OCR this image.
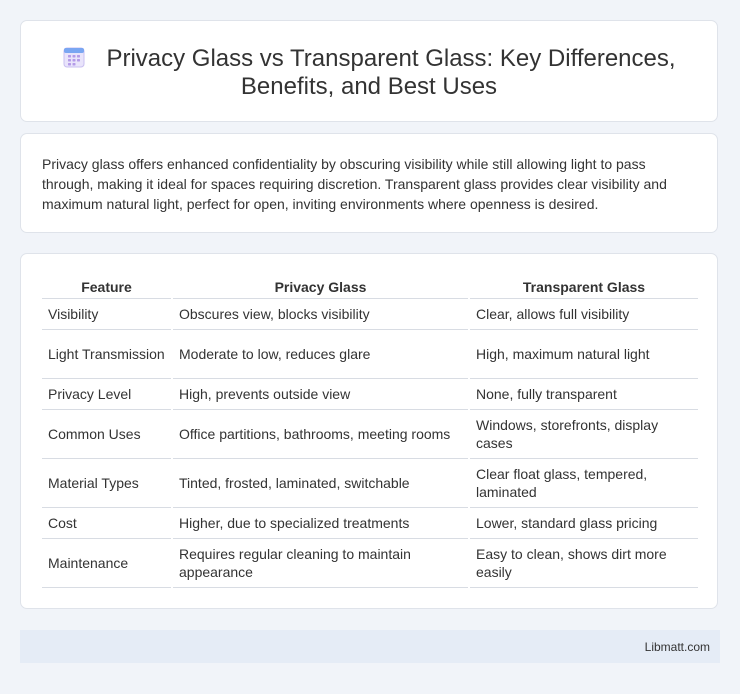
Privacy Glass vs Transparent Glass: Key Differences, Benefits, and Best Uses

Privacy glass offers enhanced confidentiality by obscuring visibility while still allowing light to pass through, making it ideal for spaces requiring discretion. Transparent glass provides clear visibility and maximum natural light, perfect for open, inviting environments where openness is desired.

Feature	Privacy Glass	Transparent Glass
Visibility	Obscures view, blocks visibility	Clear, allows full visibility
Light Transmission	Moderate to low, reduces glare	High, maximum natural light
Privacy Level	High, prevents outside view	None, fully transparent
Common Uses	Office partitions, bathrooms, meeting rooms	Windows, storefronts, display cases
Material Types	Tinted, frosted, laminated, switchable	Clear float glass, tempered, laminated
Cost	Higher, due to specialized treatments	Lower, standard glass pricing
Maintenance	Requires regular cleaning to maintain appearance	Easy to clean, shows dirt more easily
Libmatt.com
